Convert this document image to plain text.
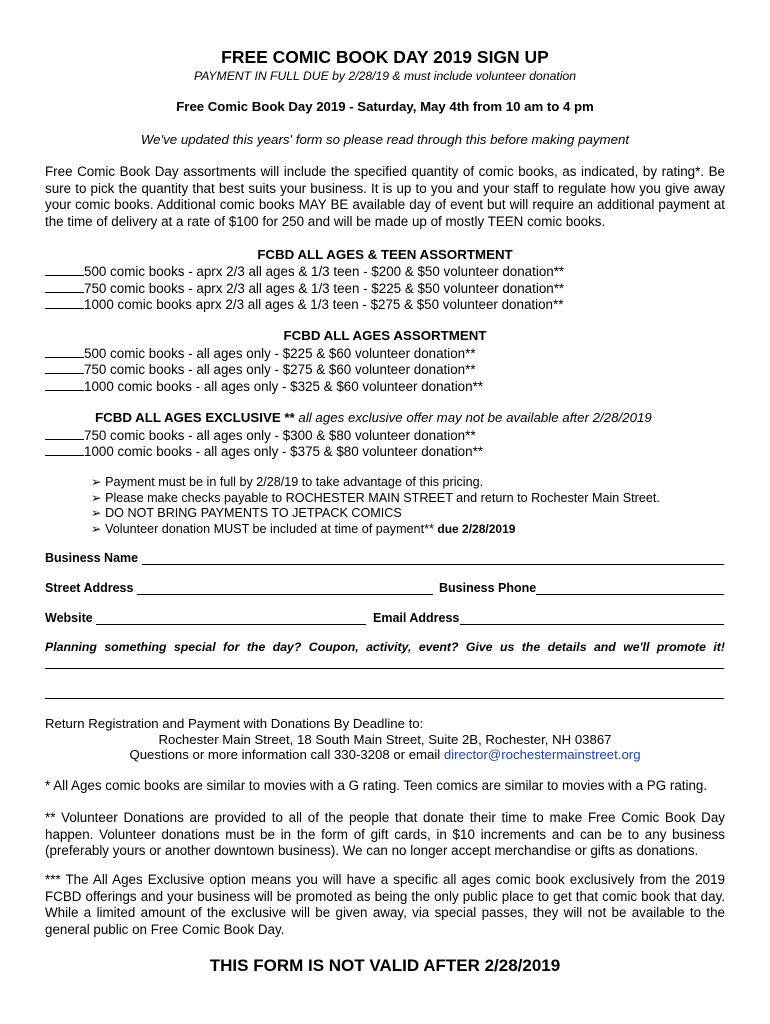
FREE COMIC BOOK DAY 2019 SIGN UP
PAYMENT IN FULL DUE by 2/28/19 & must include volunteer donation
Free Comic Book Day 2019 - Saturday, May 4th from 10 am to 4 pm
We've updated this years' form so please read through this before making payment
Free Comic Book Day assortments will include the specified quantity of comic books, as indicated, by rating*. Be sure to pick the quantity that best suits your business. It is up to you and your staff to regulate how you give away your comic books. Additional comic books MAY BE available day of event but will require an additional payment at the time of delivery at a rate of $100 for 250 and will be made up of mostly TEEN comic books.
FCBD ALL AGES & TEEN ASSORTMENT
500 comic books - aprx 2/3 all ages & 1/3 teen - $200 & $50 volunteer donation**
750 comic books - aprx 2/3 all ages & 1/3 teen - $225 & $50 volunteer donation**
1000 comic books aprx 2/3 all ages & 1/3 teen - $275 & $50 volunteer donation**
FCBD ALL AGES ASSORTMENT
500 comic books - all ages only - $225 & $60 volunteer donation**
750 comic books - all ages only - $275 & $60 volunteer donation**
1000 comic books - all ages only - $325 & $60 volunteer donation**
FCBD ALL AGES EXCLUSIVE ** all ages exclusive offer may not be available after 2/28/2019
750 comic books - all ages only - $300 & $80 volunteer donation**
1000 comic books - all ages only - $375 & $80 volunteer donation**
➢ Payment must be in full by 2/28/19 to take advantage of this pricing.
➢ Please make checks payable to ROCHESTER MAIN STREET and return to Rochester Main Street.
➢ DO NOT BRING PAYMENTS TO JETPACK COMICS
➢ Volunteer donation MUST be included at time of payment** due 2/28/2019
Business Name
Street Address	Business Phone
Website	Email Address
Planning something special for the day? Coupon, activity, event? Give us the details and we'll promote it!
Return Registration and Payment with Donations By Deadline to:
Rochester Main Street, 18 South Main Street, Suite 2B, Rochester, NH 03867
Questions or more information call 330-3208 or email director@rochestermainstreet.org
* All Ages comic books are similar to movies with a G rating. Teen comics are similar to movies with a PG rating.
** Volunteer Donations are provided to all of the people that donate their time to make Free Comic Book Day happen. Volunteer donations must be in the form of gift cards, in $10 increments and can be to any business (preferably yours or another downtown business). We can no longer accept merchandise or gifts as donations.
*** The All Ages Exclusive option means you will have a specific all ages comic book exclusively from the 2019 FCBD offerings and your business will be promoted as being the only public place to get that comic book that day. While a limited amount of the exclusive will be given away, via special passes, they will not be available to the general public on Free Comic Book Day.
THIS FORM IS NOT VALID AFTER 2/28/2019
